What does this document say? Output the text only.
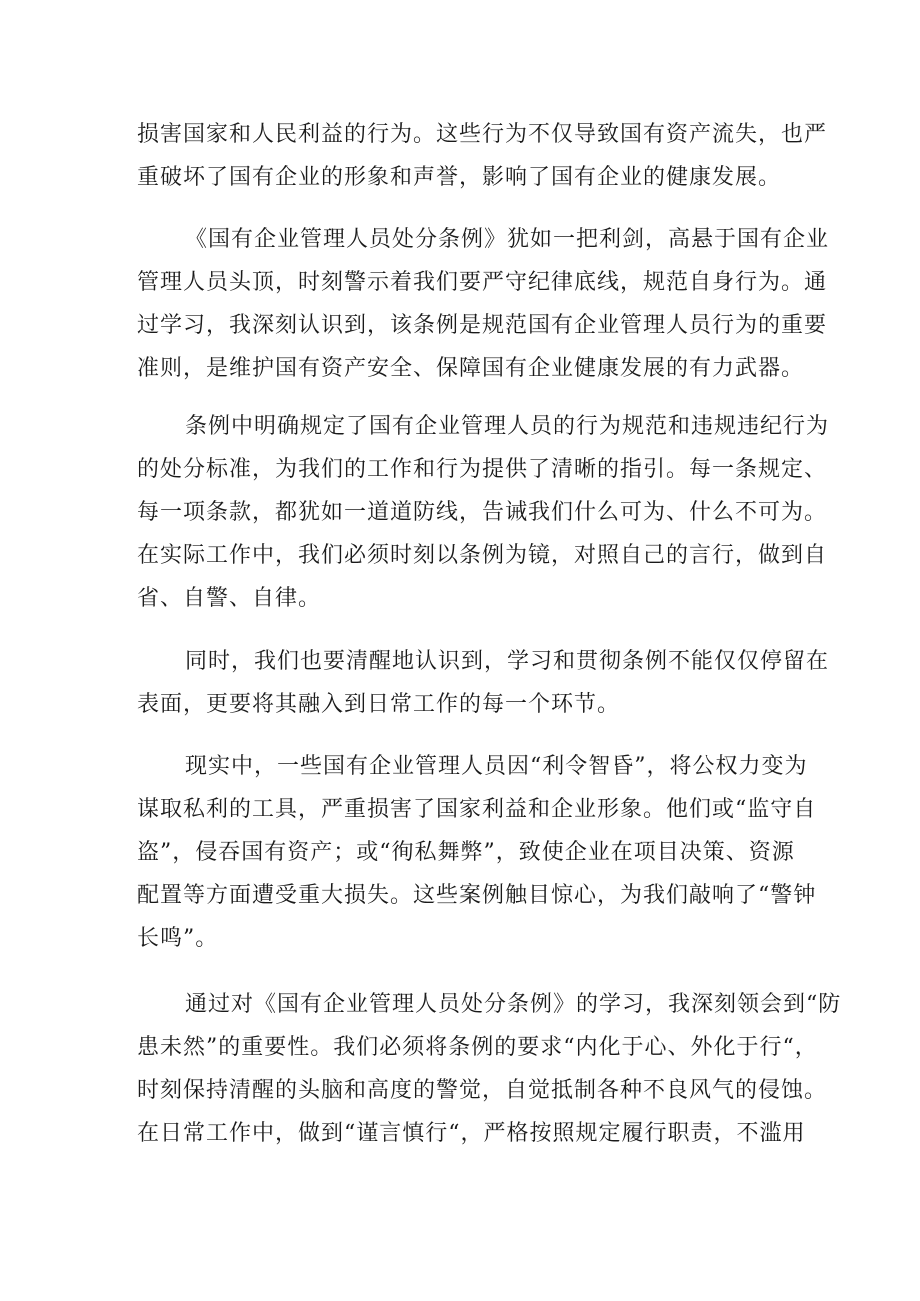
损害国家和人民利益的行为。这些行为不仅导致国有资产流失，也严
重破坏了国有企业的形象和声誉，影响了国有企业的健康发展。
《国有企业管理人员处分条例》犹如一把利剑，高悬于国有企业
管理人员头顶，时刻警示着我们要严守纪律底线，规范自身行为。通
过学习，我深刻认识到，该条例是规范国有企业管理人员行为的重要
准则，是维护国有资产安全、保障国有企业健康发展的有力武器。
条例中明确规定了国有企业管理人员的行为规范和违规违纪行为
的处分标准，为我们的工作和行为提供了清晰的指引。每一条规定、
每一项条款，都犹如一道道防线，告诫我们什么可为、什么不可为。
在实际工作中，我们必须时刻以条例为镜，对照自己的言行，做到自
省、自警、自律。
同时，我们也要清醒地认识到，学习和贯彻条例不能仅仅停留在
表面，更要将其融入到日常工作的每一个环节。
现实中，一些国有企业管理人员因“利令智昏”，将公权力变为
谋取私利的工具，严重损害了国家利益和企业形象。他们或“监守自
盗”，侵吞国有资产；或“徇私舞弊”，致使企业在项目决策、资源
配置等方面遭受重大损失。这些案例触目惊心，为我们敲响了“警钟
长鸣”。
通过对《国有企业管理人员处分条例》的学习，我深刻领会到“防
患未然”的重要性。我们必须将条例的要求“内化于心、外化于行“，
时刻保持清醒的头脑和高度的警觉，自觉抵制各种不良风气的侵蚀。
在日常工作中，做到“谨言慎行“，严格按照规定履行职责，不滥用
